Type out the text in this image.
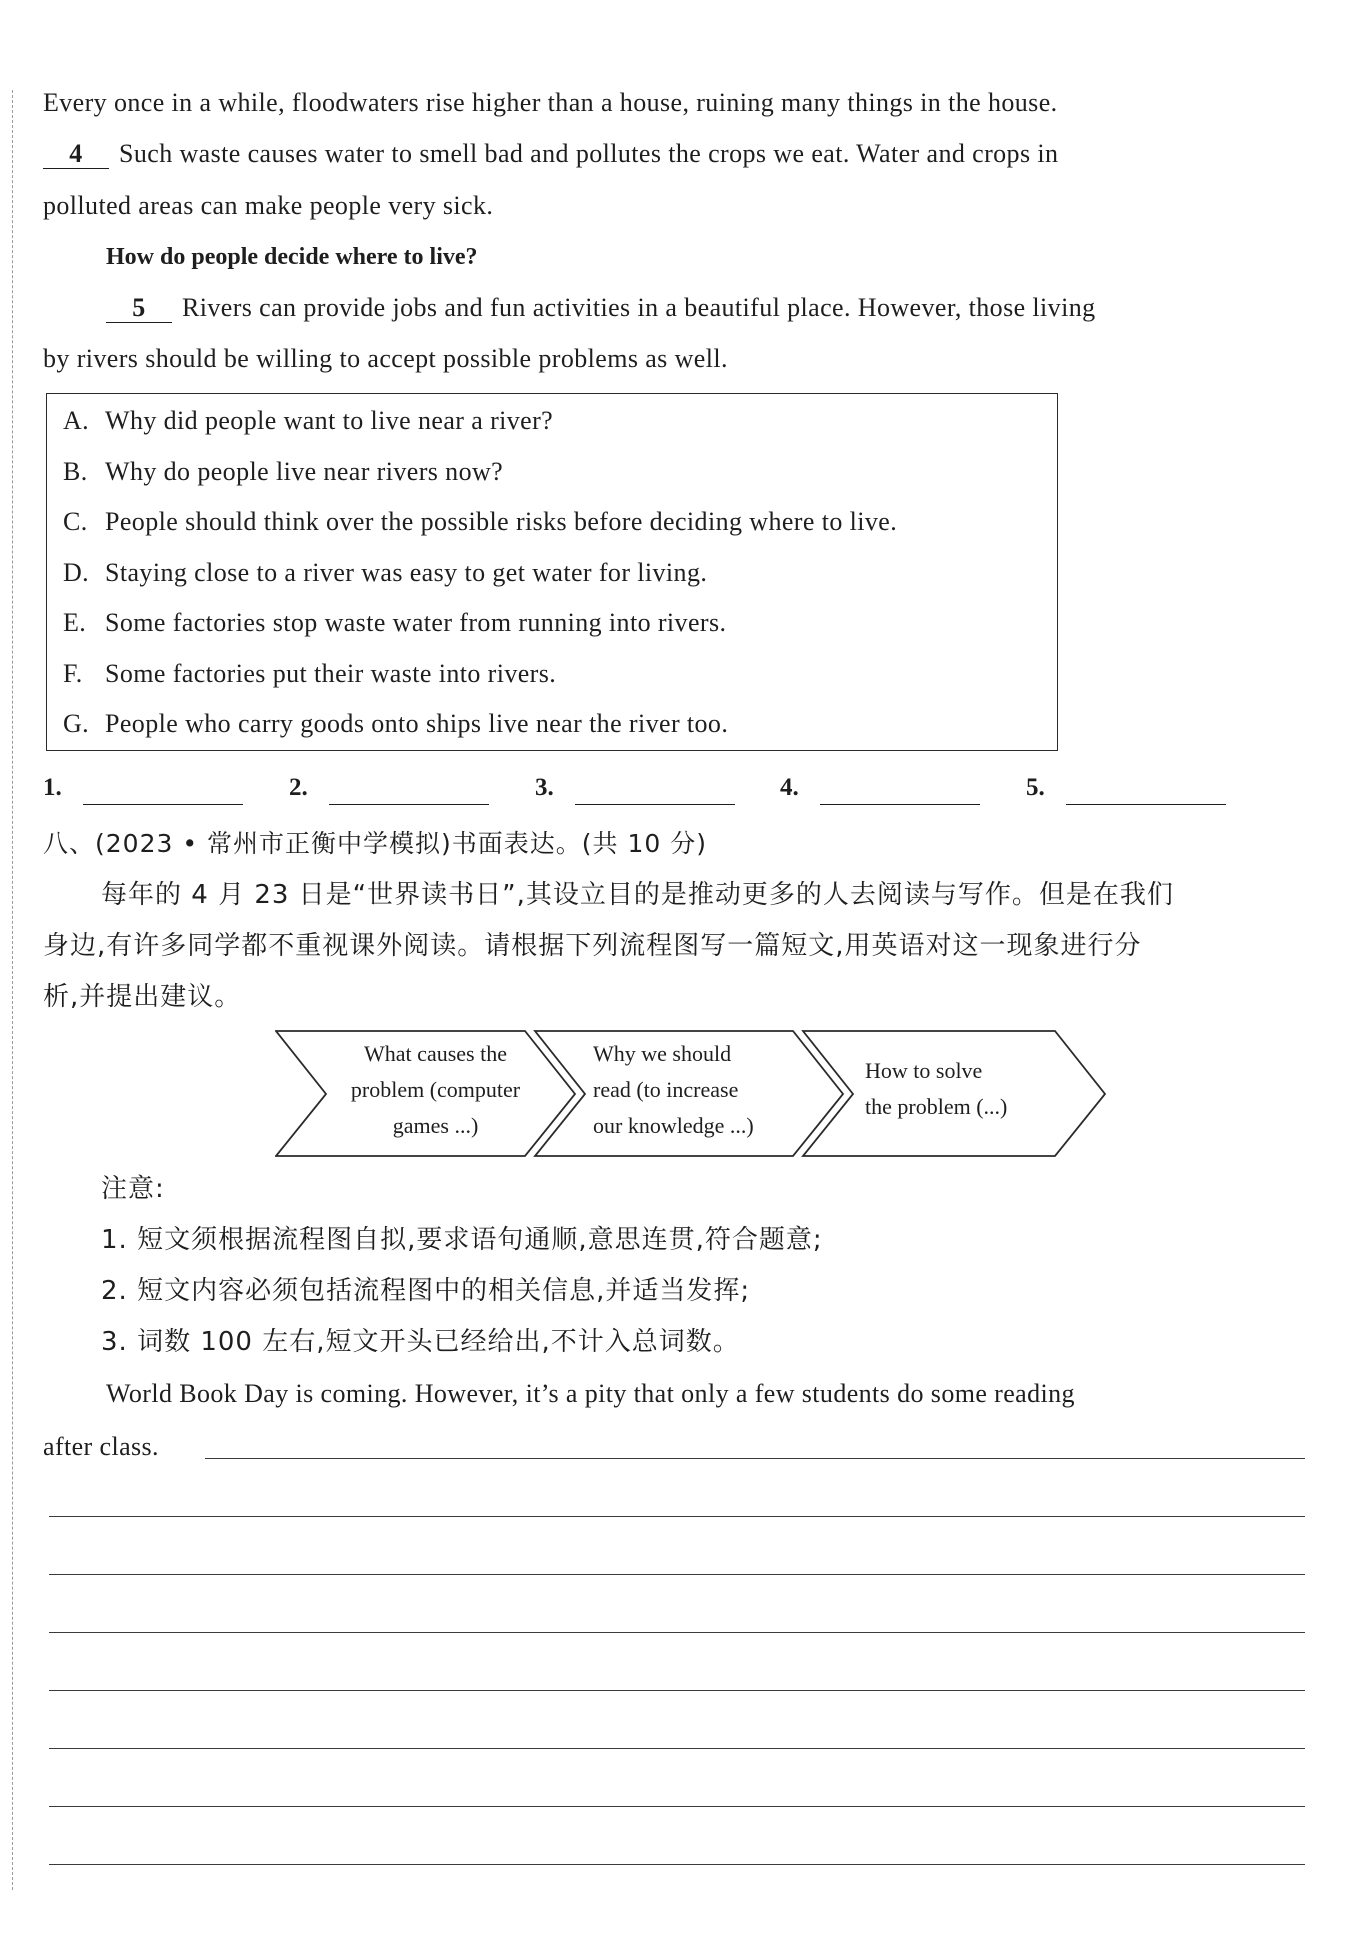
Every once in a while, floodwaters rise higher than a house, ruining many things in the house.
4 Such waste causes water to smell bad and pollutes the crops we eat. Water and crops in
polluted areas can make people very sick.
How do people decide where to live?
5 Rivers can provide jobs and fun activities in a beautiful place. However, those living
by rivers should be willing to accept possible problems as well.
A. Why did people want to live near a river?
B. Why do people live near rivers now?
C. People should think over the possible risks before deciding where to live.
D. Staying close to a river was easy to get water for living.
E. Some factories stop waste water from running into rivers.
F. Some factories put their waste into rivers.
G. People who carry goods onto ships live near the river too.
1.	2.	3.	4.	5.
八、(2023 • 常州市正衡中学模拟)书面表达。(共 10 分)
每年的 4 月 23 日是“世界读书日”,其设立目的是推动更多的人去阅读与写作。但是在我们
身边,有许多同学都不重视课外阅读。请根据下列流程图写一篇短文,用英语对这一现象进行分
析,并提出建议。
What causes the
problem (computer
games ...)
Why we should
read (to increase
our knowledge ...)
How to solve
the problem (...)
注意:
1. 短文须根据流程图自拟,要求语句通顺,意思连贯,符合题意;
2. 短文内容必须包括流程图中的相关信息,并适当发挥;
3. 词数 100 左右,短文开头已经给出,不计入总词数。
World Book Day is coming. However, it’s a pity that only a few students do some reading
after class.
